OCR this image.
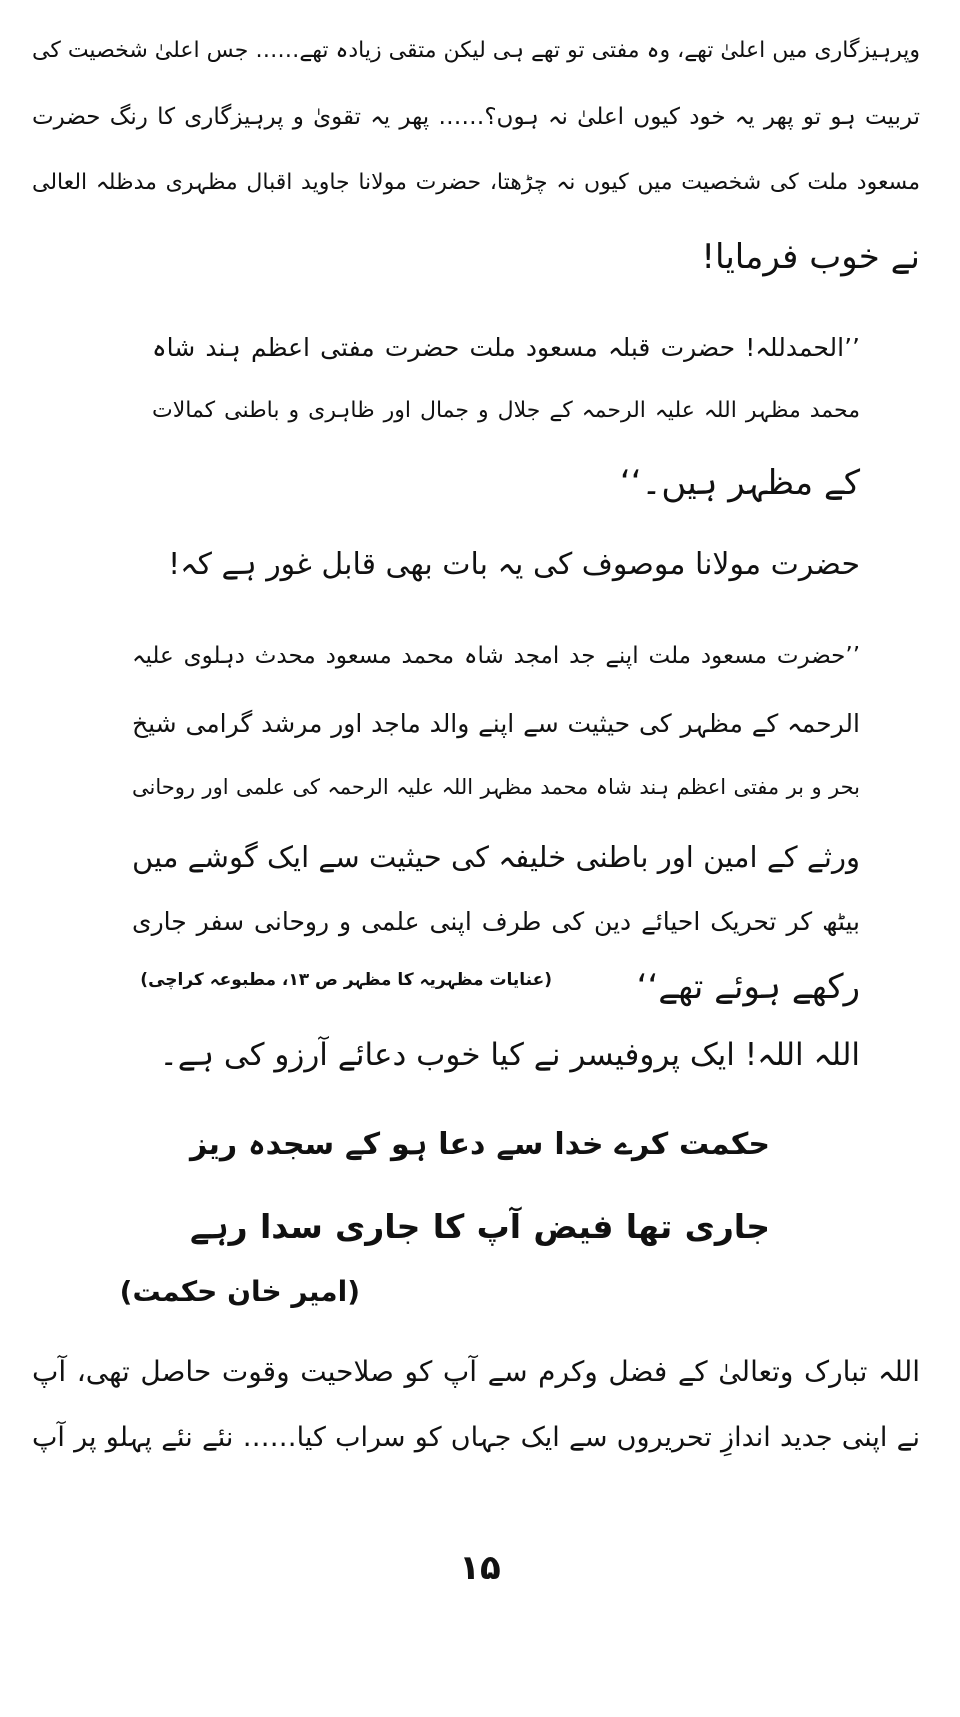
وپرہیزگاری میں اعلیٰ تھے، وہ مفتی تو تھے ہی لیکن متقی زیادہ تھے…… جس اعلیٰ شخصیت کی
تربیت ہو تو پھر یہ خود کیوں اعلیٰ نہ ہوں؟…… پھر یہ تقویٰ و پرہیزگاری کا رنگ حضرت
مسعود ملت کی شخصیت میں کیوں نہ چڑھتا، حضرت مولانا جاوید اقبال مظہری مدظلہ العالی
نے خوب فرمایا!
’’الحمدللہ! حضرت قبلہ مسعود ملت حضرت مفتی اعظم ہند شاہ
محمد مظہر اللہ علیہ الرحمہ کے جلال و جمال اور ظاہری و باطنی کمالات
کے مظہر ہیں۔‘‘
حضرت مولانا موصوف کی یہ بات بھی قابل غور ہے کہ!
’’حضرت مسعود ملت اپنے جد امجد شاہ محمد مسعود محدث دہلوی علیہ
الرحمہ کے مظہر کی حیثیت سے اپنے والد ماجد اور مرشد گرامی شیخ
بحر و بر مفتی اعظم ہند شاہ محمد مظہر اللہ علیہ الرحمہ کی علمی اور روحانی
ورثے کے امین اور باطنی خلیفہ کی حیثیت سے ایک گوشے میں
بیٹھ کر تحریک احیائے دین کی طرف اپنی علمی و روحانی سفر جاری
رکھے ہوئے تھے‘‘
(عنایات مظہریہ کا مظہر ص ۱۳، مطبوعہ کراچی)
اللہ اللہ! ایک پروفیسر نے کیا خوب دعائے آرزو کی ہے۔
حکمت کرے خدا سے دعا ہو کے سجدہ ریز
جاری تھا فیض آپ کا جاری سدا رہے
(امیر خان حکمت)
اللہ تبارک وتعالیٰ کے فضل وکرم سے آپ کو صلاحیت وقوت حاصل تھی، آپ
نے اپنی جدید اندازِ تحریروں سے ایک جہاں کو سراب کیا…… نئے نئے پہلو پر آپ
۱۵
